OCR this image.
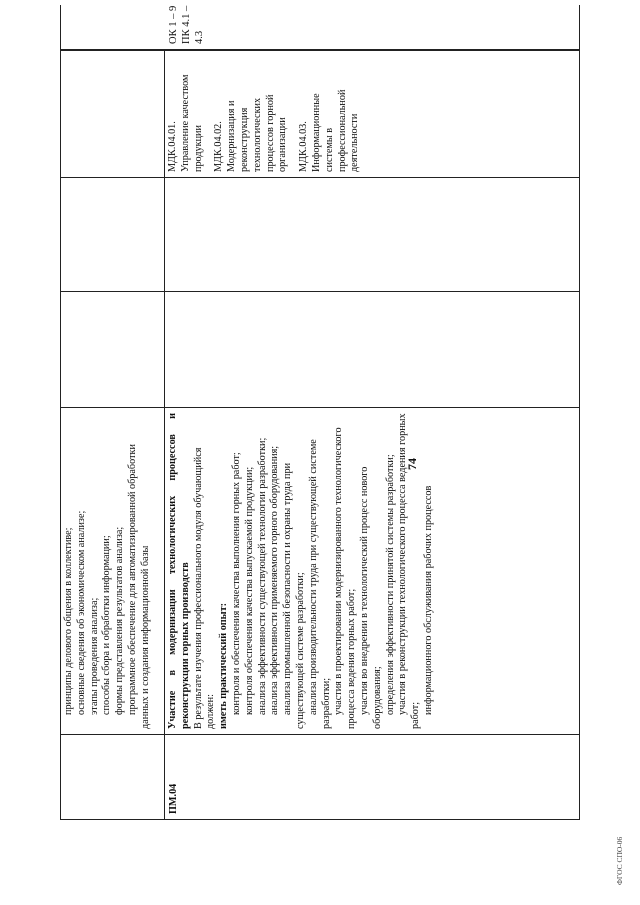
принципы делового общения в коллективе; основные сведения об экономическом анализе; этапы проведения анализа; способы сбора и обработки информации; формы представления результатов анализа; программное обеспечение для автоматизированной обработки данных и создания информационной базы

ПМ.04

Участие в модернизации технологических процессов и реконструкции горных производств В результате изучения профессионального модуля обучающийся должен: иметь практический опыт: контроля и обеспечения качества выполнения горных работ; контроля обеспечения качества выпускаемой продукции; анализа эффективности существующей технологии разработки; анализа эффективности применяемого горного оборудования; анализа промышленной безопасности и охраны труда при существующей системе разработки; анализа производительности труда при существующей системе разработки; участия в проектировании модернизированного технологического процесса ведения горных работ; участия во внедрении в технологический процесс нового оборудования; определения эффективности принятой системы разработки; участия в реконструкции технологического процесса ведения горных работ;

информационного обслуживания рабочих процессов

МДК.04.01. Управление качеством продукции МДК.04.02. Модернизация и реконструкция технологических процессов горной организации МДК.04.03. Информационные системы в профессиональной деятельности

ОК 1 – 9 ПК 4.1 – 4.3

74
ФГОС СПО-06
